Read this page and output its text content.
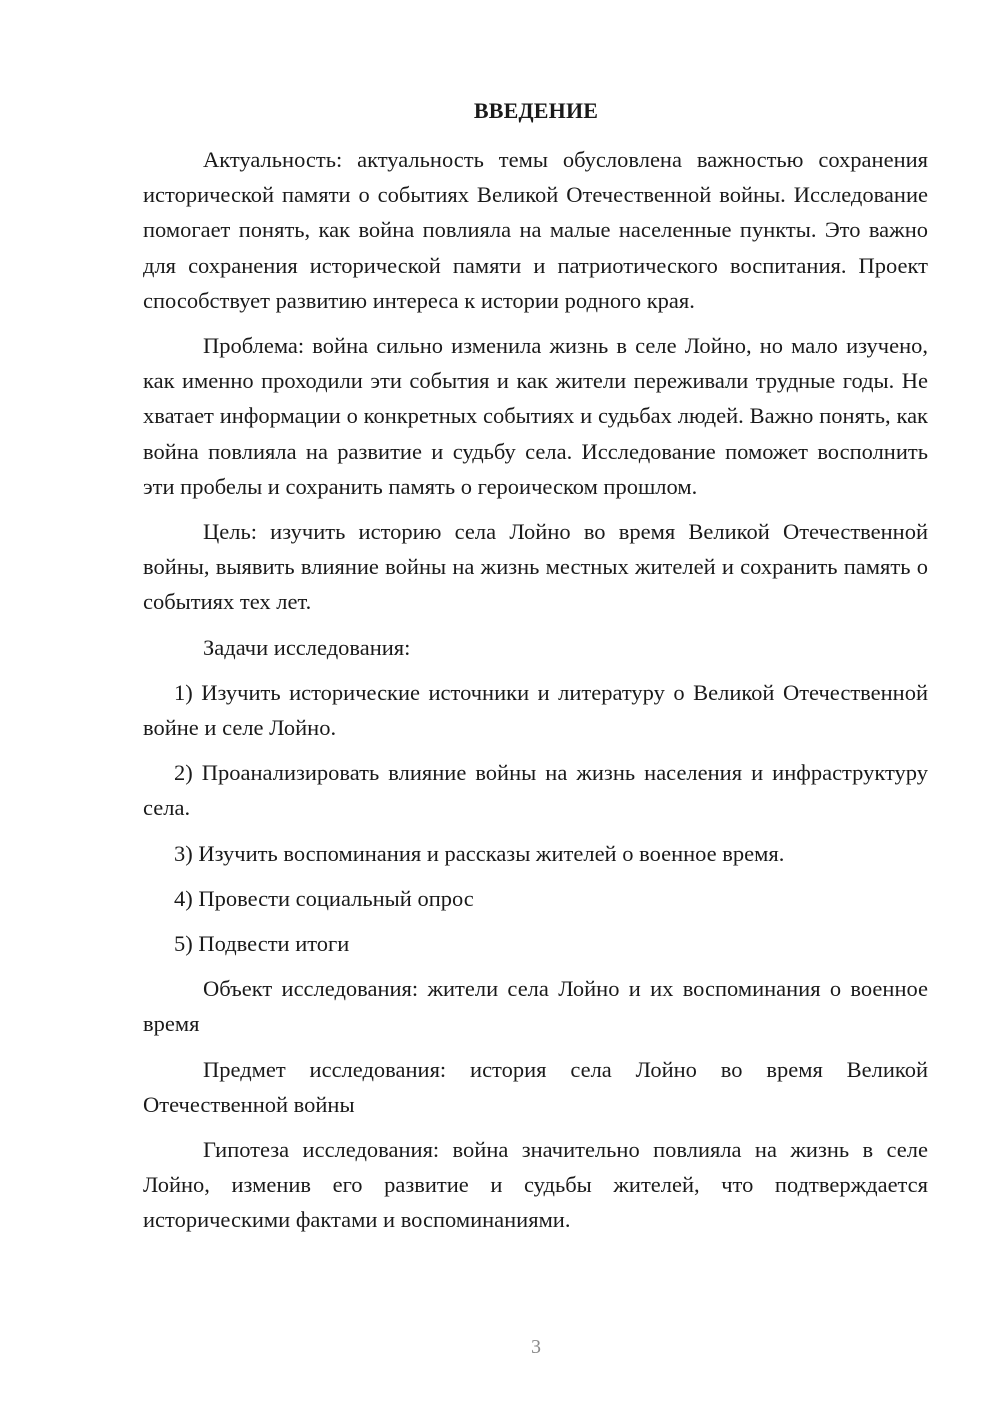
ВВЕДЕНИЕ

Актуальность: актуальность темы обусловлена важностью сохранения исторической памяти о событиях Великой Отечественной войны. Исследование помогает понять, как война повлияла на малые населенные пункты. Это важно для сохранения исторической памяти и патриотического воспитания. Проект способствует развитию интереса к истории родного края.

Проблема: война сильно изменила жизнь в селе Лойно, но мало изучено, как именно проходили эти события и как жители переживали трудные годы. Не хватает информации о конкретных событиях и судьбах людей. Важно понять, как война повлияла на развитие и судьбу села. Исследование поможет восполнить эти пробелы и сохранить память о героическом прошлом.

Цель: изучить историю села Лойно во время Великой Отечественной войны, выявить влияние войны на жизнь местных жителей и сохранить память о событиях тех лет.

Задачи исследования:

1) Изучить исторические источники и литературу о Великой Отечественной войне и селе Лойно.

2) Проанализировать влияние войны на жизнь населения и инфраструктуру села.

3) Изучить воспоминания и рассказы жителей о военное время.

4) Провести социальный опрос

5) Подвести итоги

Объект исследования: жители села Лойно и их воспоминания о военное время

Предмет исследования: история села Лойно во время Великой Отечественной войны

Гипотеза исследования: война значительно повлияла на жизнь в селе Лойно, изменив его развитие и судьбы жителей, что подтверждается историческими фактами и воспоминаниями.

3
